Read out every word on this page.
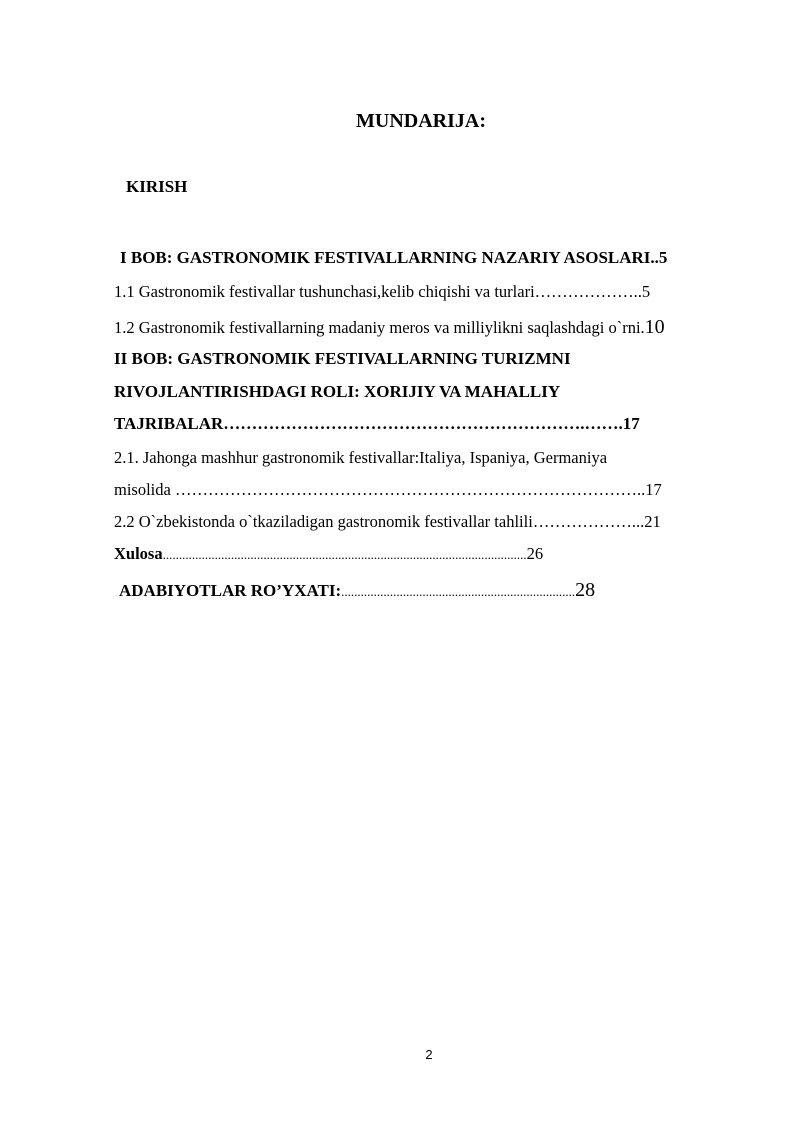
MUNDARIJA:
KIRISH
I BOB: GASTRONOMIK FESTIVALLARNING NAZARIY ASOSLARI..5
1.1 Gastronomik festivallar tushunchasi,kelib chiqishi va turlari………………..5
1.2 Gastronomik festivallarning madaniy meros va milliylikni saqlashdagi o`rni.10
II BOB: GASTRONOMIK FESTIVALLARNING TURIZMNI
RIVOJLANTIRISHDAGI ROLI: XORIJIY VA MAHALLIY
TAJRIBALAR……………………………………………………….…….17
2.1. Jahonga mashhur gastronomik festivallar:Italiya, Ispaniya, Germaniya
misolida …………………………………………………………………………..17
2.2 O`zbekistonda o`tkaziladigan gastronomik festivallar tahlili………………...21
Xulosa................................................................................................................26
ADABIYOTLAR RO’YXATI:........................................................................28
2
